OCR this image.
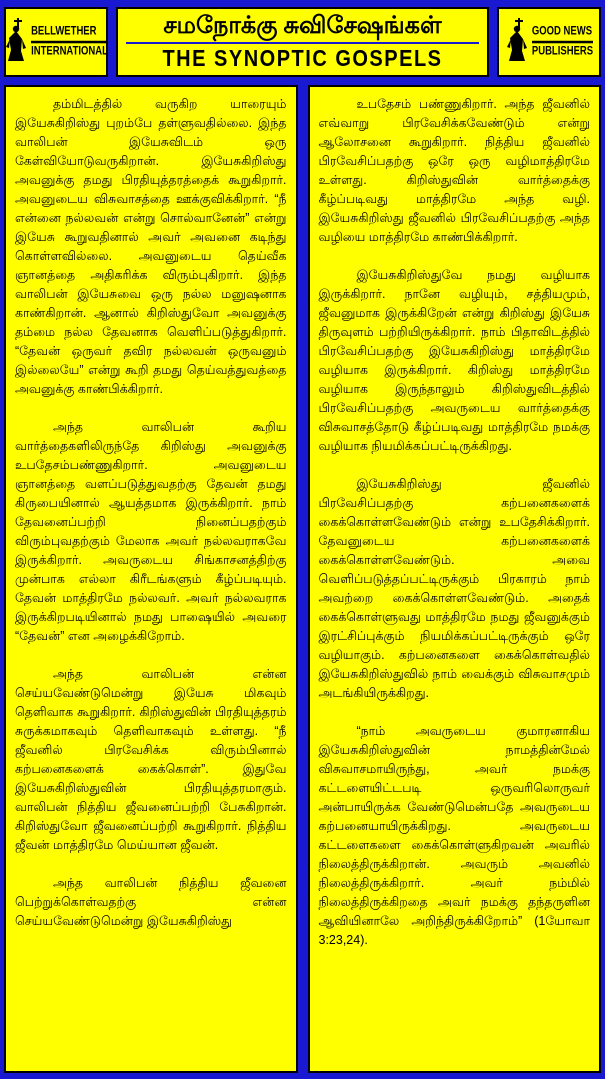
BELLWETHER
INTERNATIONAL
சமநோக்கு சுவிசேஷங்கள்
THE SYNOPTIC GOSPELS
GOOD NEWS
PUBLISHERS

தம்மிடத்தில் வருகிற யாரையும் இயேசுகிறிஸ்து புறம்பே தள்ளுவதில்லை. இந்த வாலிபன் இயேசுவிடம் ஒரு கேள்வியோடுவருகிறான். இயேசுகிறிஸ்து அவனுக்கு தமது பிரதியுத்தரத்தைக் கூறுகிறார். அவனுடைய விசுவாசத்தை ஊக்குவிக்கிறார். “நீ என்னை நல்லவன் என்று சொல்வானேன்” என்று இயேசு கூறுவதினால் அவர் அவனை கடிந்து கொள்ளவில்லை. அவனுடைய தெய்வீக ஞானத்தை அதிகரிக்க விரும்புகிறார். இந்த வாலிபன் இயேசுவை ஒரு நல்ல மனுஷனாக காண்கிறான். ஆனால் கிறிஸ்துவோ அவனுக்கு தம்மை நல்ல தேவனாக வெளிப்படுத்துகிறார். “தேவன் ஒருவர் தவிர நல்லவன் ஒருவனும் இல்லையே” என்று கூறி தமது தெய்வத்துவத்தை அவனுக்கு காண்பிக்கிறார்.

அந்த வாலிபன் கூறிய வார்த்தைகளிலிருந்தே கிறிஸ்து அவனுக்கு உபதேசம்பண்ணுகிறார். அவனுடைய ஞானத்தை வளப்படுத்துவதற்கு தேவன் தமது கிருபையினால் ஆயத்தமாக இருக்கிறார். நாம் தேவனைப்பற்றி நினைப்பதற்கும் விரும்புவதற்கும் மேலாக அவர் நல்லவராகவே இருக்கிறார். அவருடைய சிங்காசனத்திற்கு முன்பாக எல்லா கிரீடங்களும் கீழ்ப்படியும். தேவன் மாத்திரமே நல்லவர். அவர் நல்லவராக இருக்கிறபடியினால் நமது பாஷையில் அவரை “தேவன்” என அழைக்கிறோம்.

அந்த வாலிபன் என்ன செய்யவேண்டுமென்று இயேசு மிகவும் தெளிவாக கூறுகிறார். கிறிஸ்துவின் பிரதியுத்தரம் சுருக்கமாகவும் தெளிவாகவும் உள்ளது. “நீ ஜீவனில் பிரவேசிக்க விரும்பினால் கற்பனைகளைக் கைக்கொள்”. இதுவே இயேசுகிறிஸ்துவின் பிரதியுத்தரமாகும். வாலிபன் நித்திய ஜீவனைப்பற்றி பேசுகிறான். கிறிஸ்துவோ ஜீவனைப்பற்றி கூறுகிறார். நித்திய ஜீவன் மாத்திரமே மெய்யான ஜீவன்.

அந்த வாலிபன் நித்திய ஜீவனை பெற்றுக்கொள்வதற்கு என்ன செய்யவேண்டுமென்று இயேசுகிறிஸ்து

உபதேசம் பண்ணுகிறார். அந்த ஜீவனில் எவ்வாறு பிரவேசிக்கவேண்டும் என்று ஆலோசனை கூறுகிறார். நித்திய ஜீவனில் பிரவேசிப்பதற்கு ஒரே ஒரு வழிமாத்திரமே உள்ளது. கிறிஸ்துவின் வார்த்தைக்கு கீழ்ப்படிவது மாத்திரமே அந்த வழி. இயேசுகிறிஸ்து ஜீவனில் பிரவேசிப்பதற்கு அந்த வழியை மாத்திரமே காண்பிக்கிறார்.

இயேசுகிறிஸ்துவே நமது வழியாக இருக்கிறார். நானே வழியும், சத்தியமும், ஜீவனுமாக இருக்கிறேன் என்று கிறிஸ்து இயேசு திருவுளம் பற்றியிருக்கிறார். நாம் பிதாவிடத்தில் பிரவேசிப்பதற்கு இயேசுகிறிஸ்து மாத்திரமே வழியாக இருக்கிறார். கிறிஸ்து மாத்திரமே வழியாக இருந்தாலும் கிறிஸ்துவிடத்தில் பிரவேசிப்பதற்கு அவருடைய வார்த்தைக்கு விசுவாசத்தோடு கீழ்ப்படிவது மாத்திரமே நமக்கு வழியாக நியமிக்கப்பட்டிருக்கிறது.

இயேசுகிறிஸ்து ஜீவனில் பிரவேசிப்பதற்கு கற்பனைகளைக் கைக்கொள்ளவேண்டும் என்று உபதேசிக்கிறார். தேவனுடைய கற்பனைகளைக் கைக்கொள்ளவேண்டும். அவை வெளிப்படுத்தப்பட்டிருக்கும் பிரகாரம் நாம் அவற்றை கைக்கொள்ளவேண்டும். அதைக் கைக்கொள்ளுவது மாத்திரமே நமது ஜீவனுக்கும் இரட்சிப்புக்கும் நியமிக்கப்பட்டிருக்கும் ஒரே வழியாகும். கற்பனைகளை கைக்கொள்வதில் இயேசுகிறிஸ்துவில் நாம் வைக்கும் விசுவாசமும் அடங்கியிருக்கிறது.

“நாம் அவருடைய குமாரனாகிய இயேசுகிறிஸ்துவின் நாமத்தின்மேல் விசுவாசமாயிருந்து, அவர் நமக்கு கட்டளையிட்டபடி ஒருவரிலொருவர் அன்பாயிருக்க வேண்டுமென்பதே அவருடைய கற்பனையாயிருக்கிறது. அவருடைய கட்டளைகளை கைக்கொள்ளுகிறவன் அவரில் நிலைத்திருக்கிறான். அவரும் அவனில் நிலைத்திருக்கிறார். அவர் நம்மில் நிலைத்திருக்கிறதை அவர் நமக்கு தந்தருளின ஆவியினாலே அறிந்திருக்கிறோம்” (1யோவா 3:23,24).
